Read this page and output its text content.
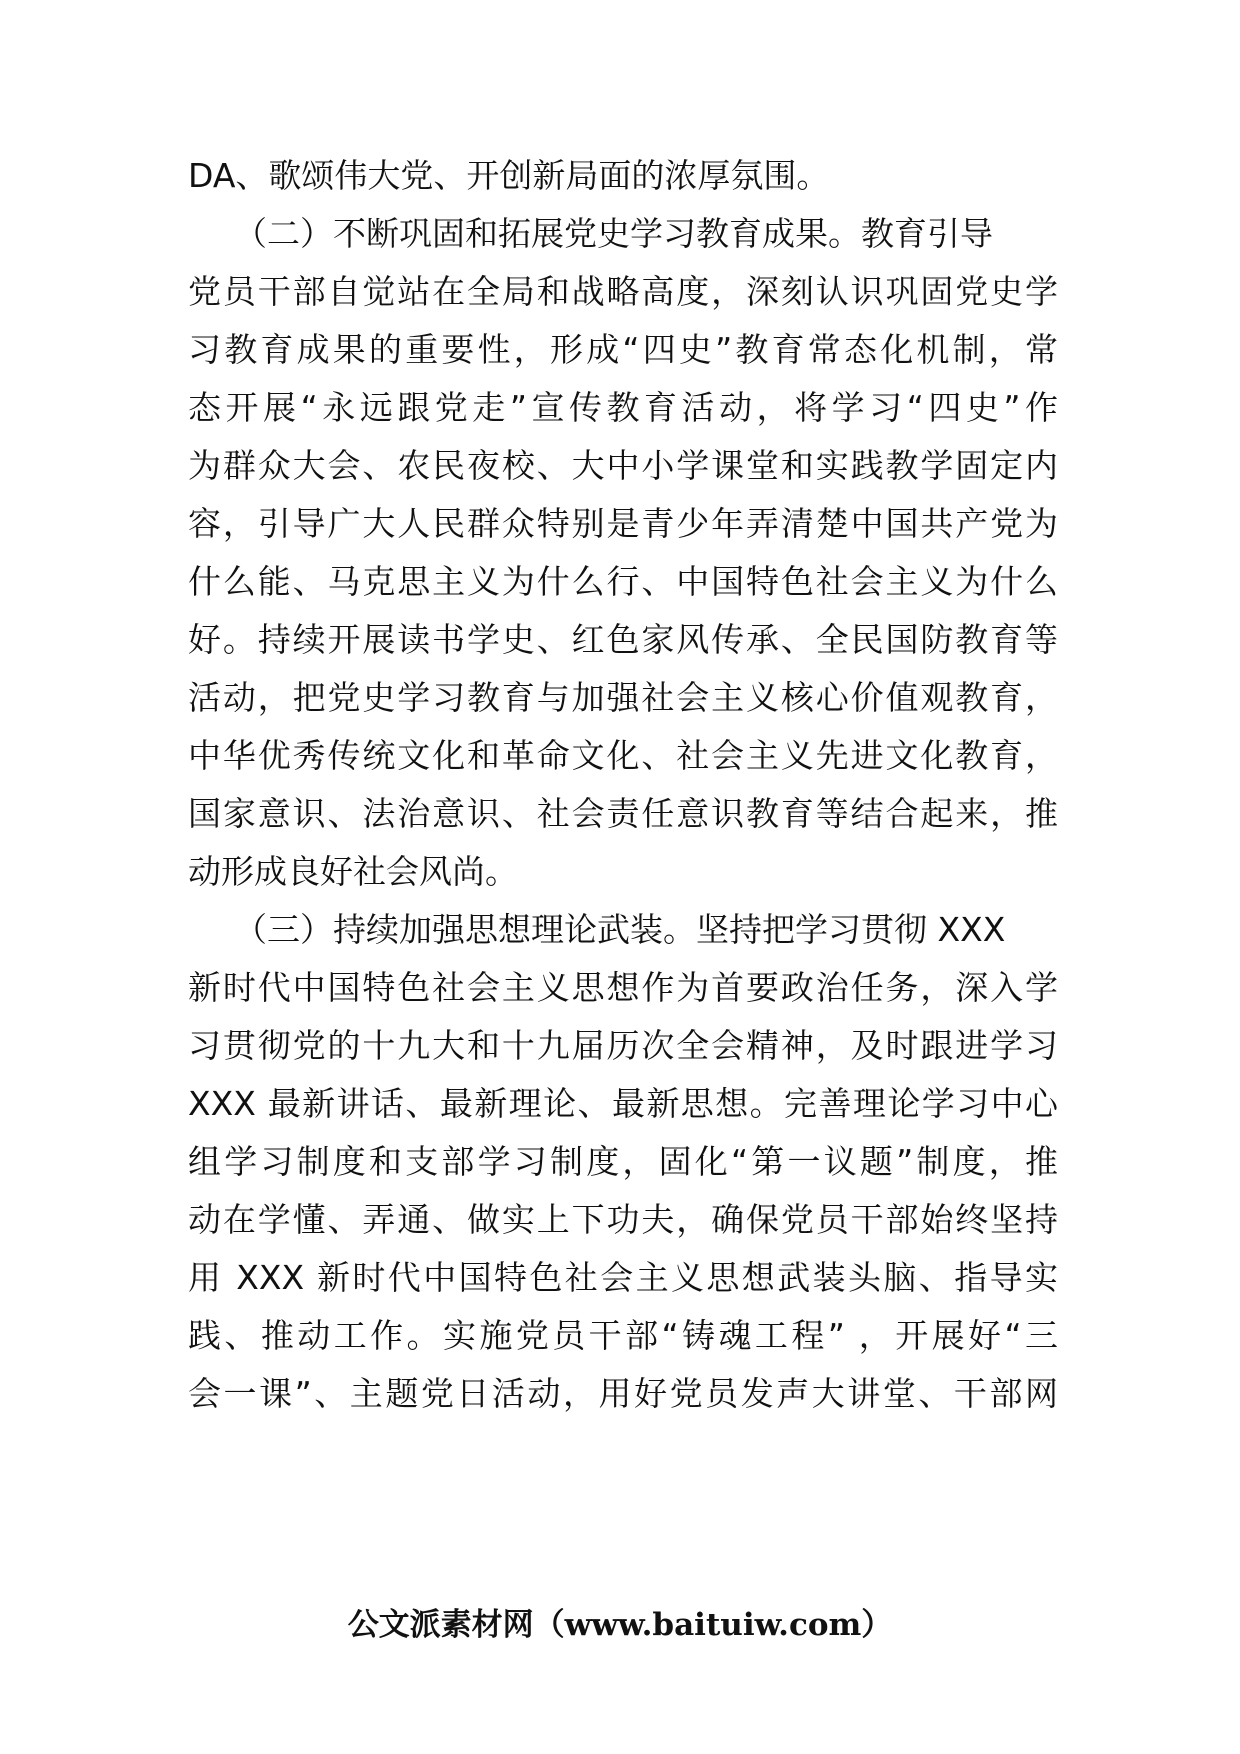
DA、歌颂伟大党、开创新局面的浓厚氛围。
（二）不断巩固和拓展党史学习教育成果。教育引导
党员干部自觉站在全局和战略高度，深刻认识巩固党史学
习教育成果的重要性，形成“四史”教育常态化机制，常
态开展“永远跟党走”宣传教育活动，将学习“四史”作
为群众大会、农民夜校、大中小学课堂和实践教学固定内
容，引导广大人民群众特别是青少年弄清楚中国共产党为
什么能、马克思主义为什么行、中国特色社会主义为什么
好。持续开展读书学史、红色家风传承、全民国防教育等
活动，把党史学习教育与加强社会主义核心价值观教育，
中华优秀传统文化和革命文化、社会主义先进文化教育，
国家意识、法治意识、社会责任意识教育等结合起来，推
动形成良好社会风尚。
（三）持续加强思想理论武装。坚持把学习贯彻 XXX
新时代中国特色社会主义思想作为首要政治任务，深入学
习贯彻党的十九大和十九届历次全会精神，及时跟进学习
XXX 最新讲话、最新理论、最新思想。完善理论学习中心
组学习制度和支部学习制度，固化“第一议题”制度，推
动在学懂、弄通、做实上下功夫，确保党员干部始终坚持
用 XXX 新时代中国特色社会主义思想武装头脑、指导实
践、推动工作。实施党员干部“铸魂工程” ，开展好“三
会一课”、主题党日活动，用好党员发声大讲堂、干部网
公文派素材网（www.baituiw.com）
